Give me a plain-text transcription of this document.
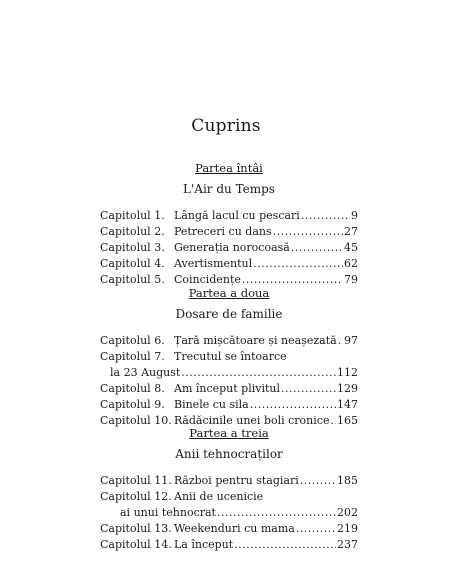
Cuprins
Partea întâi
L'Air du Temps
Capitolul 1. Lângă lacul cu pescari .....	9
Capitolul 2. Petreceri cu dans .....	27
Capitolul 3. Generația norocoasă .....	45
Capitolul 4. Avertismentul .....	62
Capitolul 5. Coincidențe .....	79
Partea a doua
Dosare de familie
Capitolul 6. Țară mișcătoare și neașezată ..... 97
Capitolul 7. Trecutul se întoarce
la 23 August .....	112
Capitolul 8. Am început plivitul .....	129
Capitolul 9. Binele cu sila .....	147
Capitolul 10. Rădăcinile unei boli cronice ..... 165
Partea a treia
Anii tehnocraților
Capitolul 11. Război pentru stagiari .....	185
Capitolul 12. Anii de ucenicie
ai unui tehnocrat .....	202
Capitolul 13. Weekenduri cu mama .....	219
Capitolul 14. La început .....	237
